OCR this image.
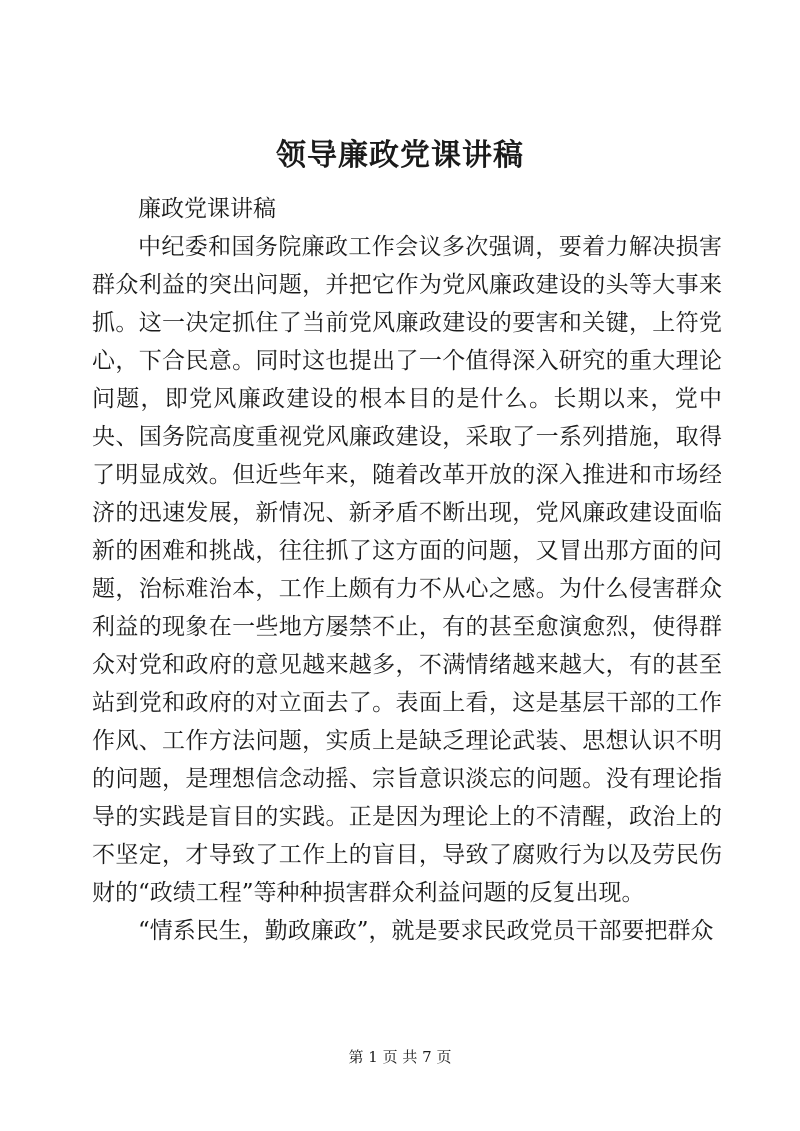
领导廉政党课讲稿

廉政党课讲稿

中纪委和国务院廉政工作会议多次强调，要着力解决损害群众利益的突出问题，并把它作为党风廉政建设的头等大事来抓。这一决定抓住了当前党风廉政建设的要害和关键，上符党心，下合民意。同时这也提出了一个值得深入研究的重大理论问题，即党风廉政建设的根本目的是什么。长期以来，党中央、国务院高度重视党风廉政建设，采取了一系列措施，取得了明显成效。但近些年来，随着改革开放的深入推进和市场经济的迅速发展，新情况、新矛盾不断出现，党风廉政建设面临新的困难和挑战，往往抓了这方面的问题，又冒出那方面的问题，治标难治本，工作上颇有力不从心之感。为什么侵害群众利益的现象在一些地方屡禁不止，有的甚至愈演愈烈，使得群众对党和政府的意见越来越多，不满情绪越来越大，有的甚至站到党和政府的对立面去了。表面上看，这是基层干部的工作作风、工作方法问题，实质上是缺乏理论武装、思想认识不明的问题，是理想信念动摇、宗旨意识淡忘的问题。没有理论指导的实践是盲目的实践。正是因为理论上的不清醒，政治上的不坚定，才导致了工作上的盲目，导致了腐败行为以及劳民伤财的“政绩工程”等种种损害群众利益问题的反复出现。

“情系民生，勤政廉政”，就是要求民政党员干部要把群众

第 1 页 共 7 页
